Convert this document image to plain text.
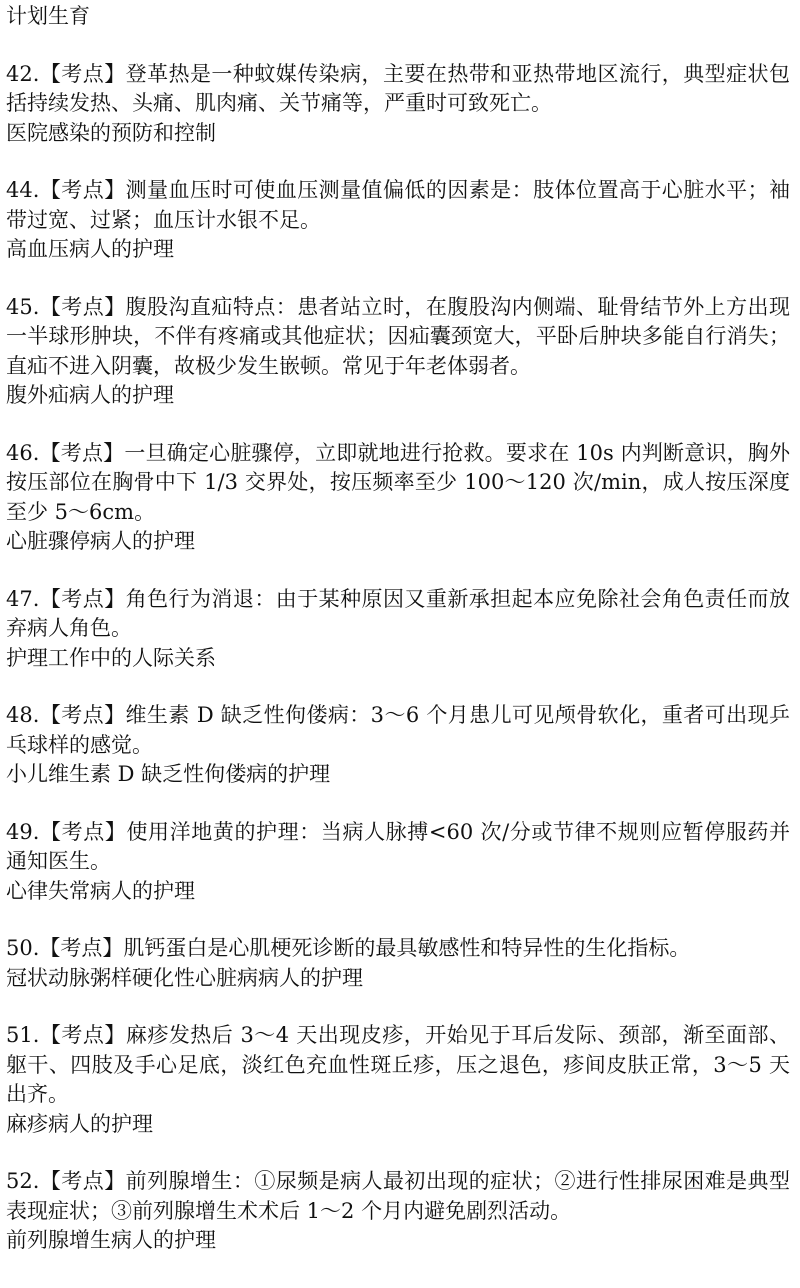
计划生育

42.【考点】登革热是一种蚊媒传染病，主要在热带和亚热带地区流行，典型症状包括持续发热、头痛、肌肉痛、关节痛等，严重时可致死亡。

医院感染的预防和控制

44.【考点】测量血压时可使血压测量值偏低的因素是：肢体位置高于心脏水平；袖带过宽、过紧；血压计水银不足。

高血压病人的护理

45.【考点】腹股沟直疝特点：患者站立时，在腹股沟内侧端、耻骨结节外上方出现一半球形肿块，不伴有疼痛或其他症状；因疝囊颈宽大，平卧后肿块多能自行消失；直疝不进入阴囊，故极少发生嵌顿。常见于年老体弱者。

腹外疝病人的护理

46.【考点】一旦确定心脏骤停，立即就地进行抢救。要求在 10s 内判断意识，胸外按压部位在胸骨中下 1/3 交界处，按压频率至少 100～120 次/min，成人按压深度至少 5～6cm。

心脏骤停病人的护理

47.【考点】角色行为消退：由于某种原因又重新承担起本应免除社会角色责任而放弃病人角色。

护理工作中的人际关系

48.【考点】维生素 D 缺乏性佝偻病：3～6 个月患儿可见颅骨软化，重者可出现乒乓球样的感觉。

小儿维生素 D 缺乏性佝偻病的护理

49.【考点】使用洋地黄的护理：当病人脉搏<60 次/分或节律不规则应暂停服药并通知医生。

心律失常病人的护理

50.【考点】肌钙蛋白是心肌梗死诊断的最具敏感性和特异性的生化指标。

冠状动脉粥样硬化性心脏病病人的护理

51.【考点】麻疹发热后 3～4 天出现皮疹，开始见于耳后发际、颈部，渐至面部、躯干、四肢及手心足底，淡红色充血性斑丘疹，压之退色，疹间皮肤正常，3～5 天出齐。

麻疹病人的护理

52.【考点】前列腺增生：①尿频是病人最初出现的症状；②进行性排尿困难是典型表现症状；③前列腺增生术术后 1～2 个月内避免剧烈活动。

前列腺增生病人的护理
